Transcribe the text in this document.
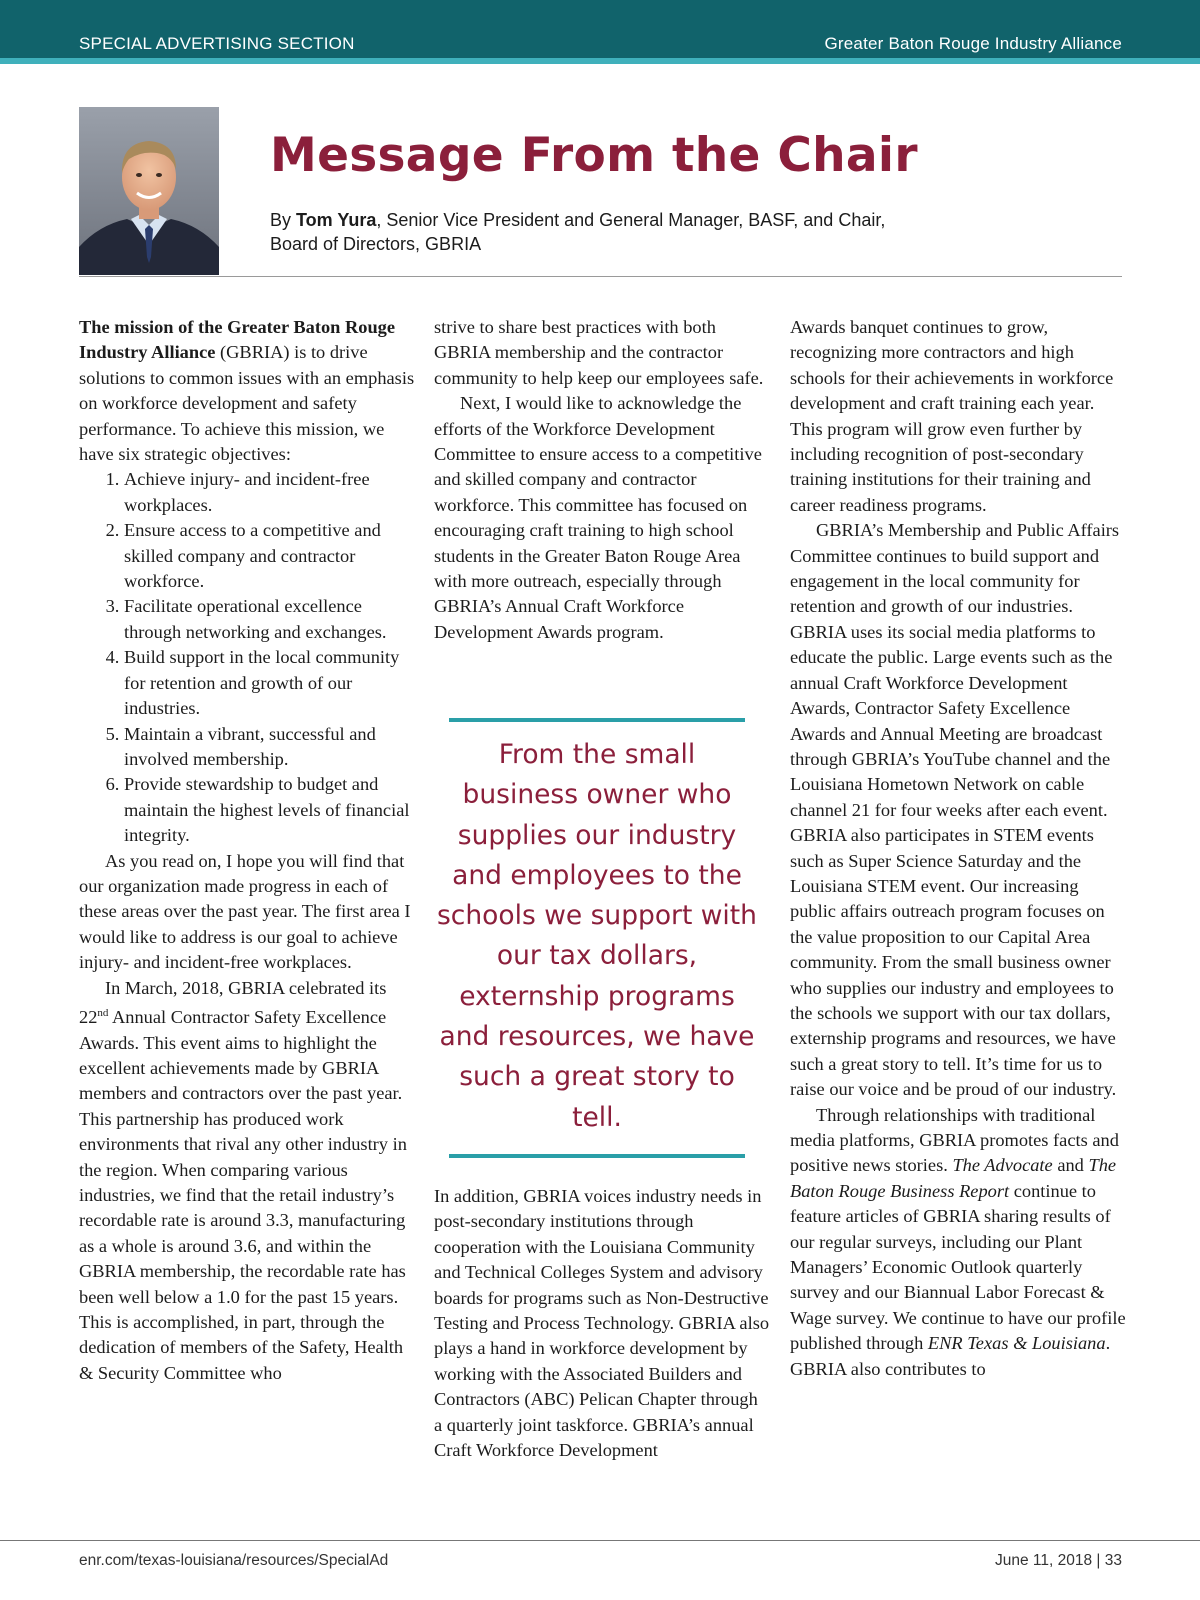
SPECIAL ADVERTISING SECTION	Greater Baton Rouge Industry Alliance
Message From the Chair
By Tom Yura, Senior Vice President and General Manager, BASF, and Chair,
Board of Directors, GBRIA

The mission of the Greater Baton Rouge Industry Alliance (GBRIA) is to drive solutions to common issues with an emphasis on workforce development and safety performance. To achieve this mission, we have six strategic objectives:

1. Achieve injury- and incident-free workplaces.
2. Ensure access to a competitive and skilled company and contractor workforce.
3. Facilitate operational excellence through networking and exchanges.
4. Build support in the local community for retention and growth of our industries.
5. Maintain a vibrant, successful and involved membership.
6. Provide stewardship to budget and maintain the highest levels of financial integrity.

As you read on, I hope you will find that our organization made progress in each of these areas over the past year. The first area I would like to address is our goal to achieve injury- and incident-free workplaces.

In March, 2018, GBRIA celebrated its 22nd Annual Contractor Safety Excellence Awards. This event aims to highlight the excellent achievements made by GBRIA members and contractors over the past year. This partnership has produced work environments that rival any other industry in the region. When comparing various industries, we find that the retail industry’s recordable rate is around 3.3, manufacturing as a whole is around 3.6, and within the GBRIA membership, the recordable rate has been well below a 1.0 for the past 15 years. This is accomplished, in part, through the dedication of members of the Safety, Health & Security Committee who

strive to share best practices with both GBRIA membership and the contractor community to help keep our employees safe.

Next, I would like to acknowledge the efforts of the Workforce Development Committee to ensure access to a competitive and skilled company and contractor workforce. This committee has focused on encouraging craft training to high school students in the Greater Baton Rouge Area with more outreach, especially through GBRIA’s Annual Craft Workforce Development Awards program.

From the small business owner who supplies our industry and employees to the schools we support with our tax dollars, externship programs and resources, we have such a great story to tell.

In addition, GBRIA voices industry needs in post-secondary institutions through cooperation with the Louisiana Community and Technical Colleges System and advisory boards for programs such as Non-Destructive Testing and Process Technology. GBRIA also plays a hand in workforce development by working with the Associated Builders and Contractors (ABC) Pelican Chapter through a quarterly joint taskforce. GBRIA’s annual Craft Workforce Development

Awards banquet continues to grow, recognizing more contractors and high schools for their achievements in workforce development and craft training each year. This program will grow even further by including recognition of post-secondary training institutions for their training and career readiness programs.

GBRIA’s Membership and Public Affairs Committee continues to build support and engagement in the local community for retention and growth of our industries. GBRIA uses its social media platforms to educate the public. Large events such as the annual Craft Workforce Development Awards, Contractor Safety Excellence Awards and Annual Meeting are broadcast through GBRIA’s YouTube channel and the Louisiana Hometown Network on cable channel 21 for four weeks after each event. GBRIA also participates in STEM events such as Super Science Saturday and the Louisiana STEM event. Our increasing public affairs outreach program focuses on the value proposition to our Capital Area community. From the small business owner who supplies our industry and employees to the schools we support with our tax dollars, externship programs and resources, we have such a great story to tell. It’s time for us to raise our voice and be proud of our industry.

Through relationships with traditional media platforms, GBRIA promotes facts and positive news stories. The Advocate and The Baton Rouge Business Report continue to feature articles of GBRIA sharing results of our regular surveys, including our Plant Managers’ Economic Outlook quarterly survey and our Biannual Labor Forecast & Wage survey. We continue to have our profile published through ENR Texas & Louisiana. GBRIA also contributes to

enr.com/texas-louisiana/resources/SpecialAd	June 11, 2018 | 33
